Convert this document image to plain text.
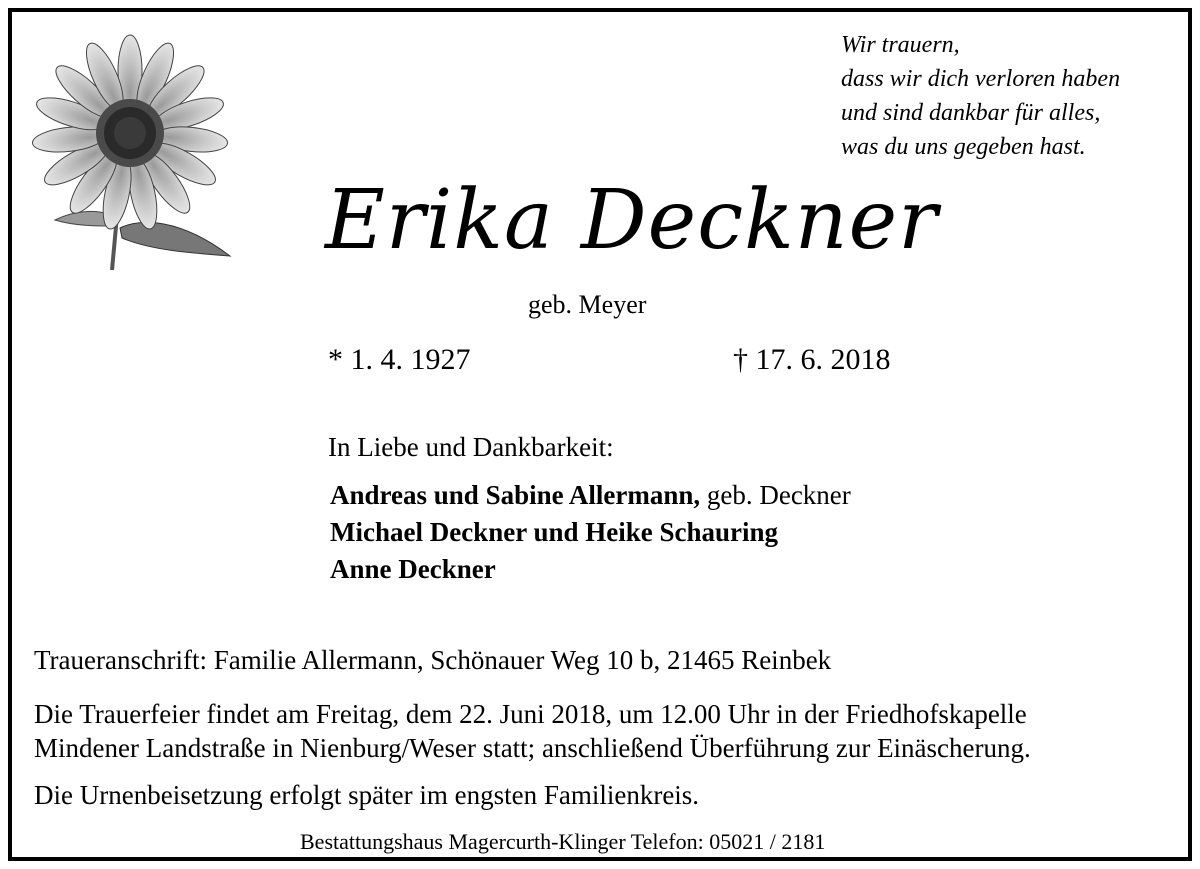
Wir trauern,
dass wir dich verloren haben
und sind dankbar für alles,
was du uns gegeben hast.
Erika Deckner
geb. Meyer
* 1. 4. 1927	† 17. 6. 2018
In Liebe und Dankbarkeit:
Andreas und Sabine Allermann, geb. Deckner
Michael Deckner und Heike Schauring
Anne Deckner
Traueranschrift: Familie Allermann, Schönauer Weg 10 b, 21465 Reinbek
Die Trauerfeier findet am Freitag, dem 22. Juni 2018, um 12.00 Uhr in der Friedhofskapelle
Mindener Landstraße in Nienburg/Weser statt; anschließend Überführung zur Einäscherung.
Die Urnenbeisetzung erfolgt später im engsten Familienkreis.
Bestattungshaus Magercurth-Klinger Telefon: 05021 / 2181
